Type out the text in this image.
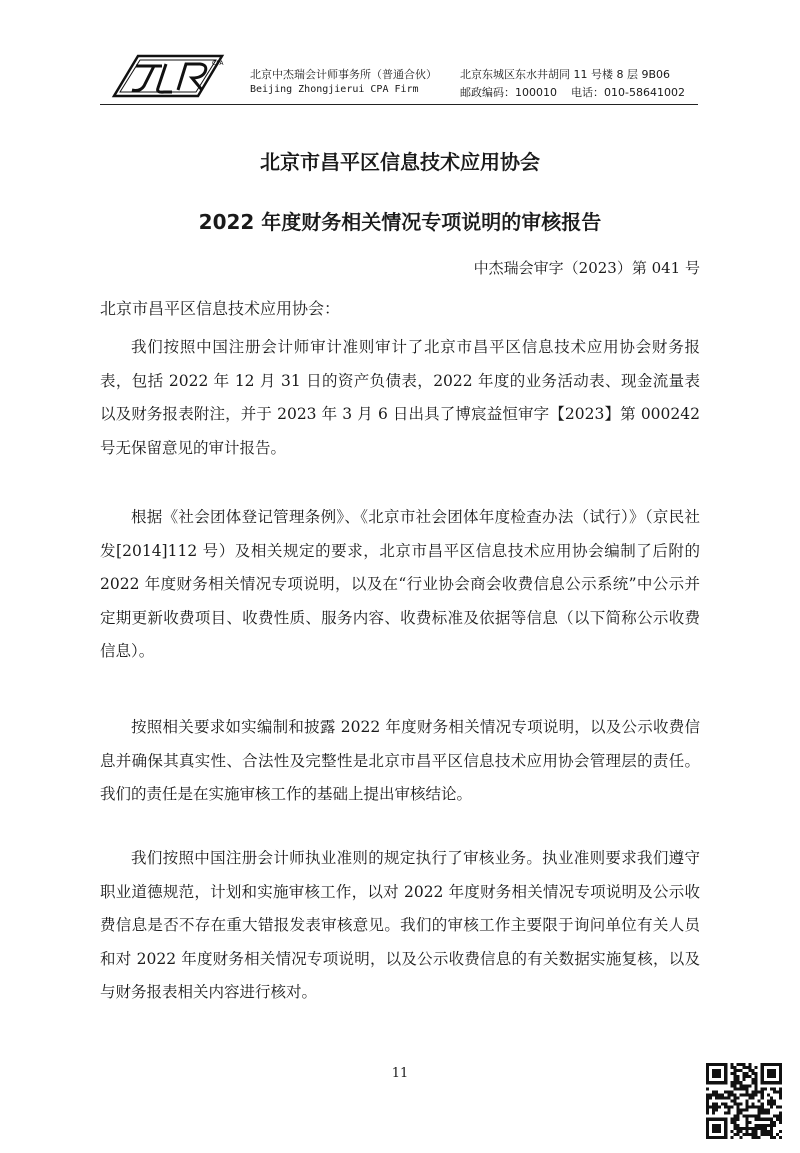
CPA
北京中杰瑞会计师事务所（普通合伙）
Beijing Zhongjierui CPA Firm
北京东城区东水井胡同 11 号楼 8 层 9B06
邮政编码：100010 电话：010-58641002
北京市昌平区信息技术应用协会
2022 年度财务相关情况专项说明的审核报告
中杰瑞会审字（2023）第 041 号
北京市昌平区信息技术应用协会：

我们按照中国注册会计师审计准则审计了北京市昌平区信息技术应用协会财务报表，包括 2022 年 12 月 31 日的资产负债表，2022 年度的业务活动表、现金流量表以及财务报表附注，并于 2023 年 3 月 6 日出具了博宸益恒审字【2023】第 000242 号无保留意见的审计报告。

根据《社会团体登记管理条例》、《北京市社会团体年度检查办法（试行）》（京民社发[2014]112 号）及相关规定的要求，北京市昌平区信息技术应用协会编制了后附的 2022 年度财务相关情况专项说明，以及在“行业协会商会收费信息公示系统”中公示并定期更新收费项目、收费性质、服务内容、收费标准及依据等信息（以下简称公示收费信息）。

按照相关要求如实编制和披露 2022 年度财务相关情况专项说明，以及公示收费信息并确保其真实性、合法性及完整性是北京市昌平区信息技术应用协会管理层的责任。我们的责任是在实施审核工作的基础上提出审核结论。

我们按照中国注册会计师执业准则的规定执行了审核业务。执业准则要求我们遵守职业道德规范，计划和实施审核工作，以对 2022 年度财务相关情况专项说明及公示收费信息是否不存在重大错报发表审核意见。我们的审核工作主要限于询问单位有关人员和对 2022 年度财务相关情况专项说明，以及公示收费信息的有关数据实施复核，以及与财务报表相关内容进行核对。

11
